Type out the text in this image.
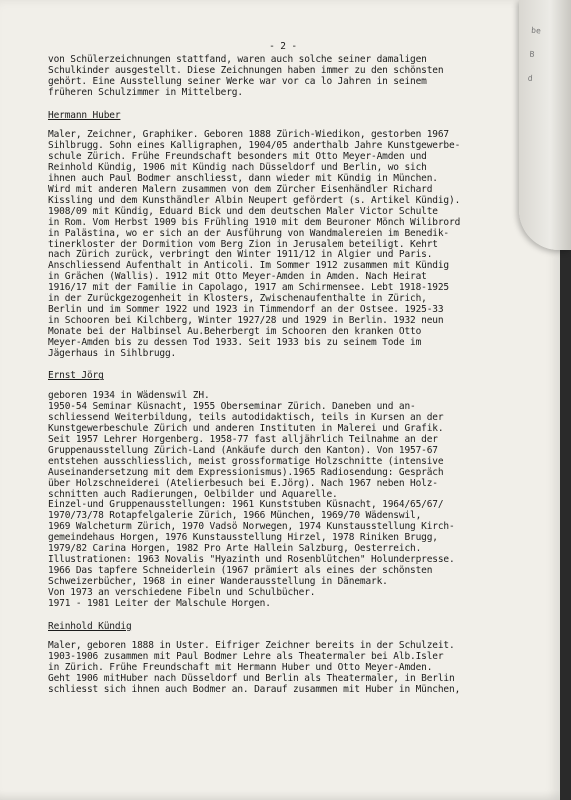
- 2 -
von Schülerzeichnungen stattfand, waren auch solche seiner damaligen
Schulkinder ausgestellt. Diese Zeichnungen haben immer zu den schönsten
gehört. Eine Ausstellung seiner Werke war vor ca lo Jahren in seinem
früheren Schulzimmer in Mittelberg.
Hermann Huber
Maler, Zeichner, Graphiker. Geboren 1888 Zürich-Wiedikon, gestorben 1967
Sihlbrugg. Sohn eines Kalligraphen, 1904/05 anderthalb Jahre Kunstgewerbe-
schule Zürich. Frühe Freundschaft besonders mit Otto Meyer-Amden und
Reinhold Kündig, 1906 mit Kündig nach Düsseldorf und Berlin, wo sich
ihnen auch Paul Bodmer anschliesst, dann wieder mit Kündig in München.
Wird mit anderen Malern zusammen von dem Zürcher Eisenhändler Richard
Kissling und dem Kunsthändler Albin Neupert gefördert (s. Artikel Kündig).
1908/09 mit Kündig, Eduard Bick und dem deutschen Maler Victor Schulte
in Rom. Vom Herbst 1909 bis Frühling 1910 mit dem Beuroner Mönch Wilibrord
in Palästina, wo er sich an der Ausführung von Wandmalereien im Benedik-
tinerkloster der Dormition vom Berg Zion in Jerusalem beteiligt. Kehrt
nach Zürich zurück, verbringt den Winter 1911/12 in Algier und Paris.
Anschliessend Aufenthalt in Anticoli. Im Sommer 1912 zusammen mit Kündig
in Grächen (Wallis). 1912 mit Otto Meyer-Amden in Amden. Nach Heirat
1916/17 mit der Familie in Capolago, 1917 am Schirmensee. Lebt 1918-1925
in der Zurückgezogenheit in Klosters, Zwischenaufenthalte in Zürich,
Berlin und im Sommer 1922 und 1923 in Timmendorf an der Ostsee. 1925-33
in Schooren bei Kilchberg, Winter 1927/28 und 1929 in Berlin. 1932 neun
Monate bei der Halbinsel Au.Beherbergt im Schooren den kranken Otto
Meyer-Amden bis zu dessen Tod 1933. Seit 1933 bis zu seinem Tode im
Jägerhaus in Sihlbrugg.
Ernst Jörg
geboren 1934 in Wädenswil ZH.
1950-54 Seminar Küsnacht, 1955 Oberseminar Zürich. Daneben und an-
schliessend Weiterbildung, teils autodidaktisch, teils in Kursen an der
Kunstgewerbeschule Zürich und anderen Instituten in Malerei und Grafik.
Seit 1957 Lehrer Horgenberg. 1958-77 fast alljährlich Teilnahme an der
Gruppenausstellung Zürich-Land (Ankäufe durch den Kanton). Von 1957-67
entstehen ausschliesslich, meist grossformatige Holzschnitte (intensive
Auseinandersetzung mit dem Expressionismus).1965 Radiosendung: Gespräch
über Holzschneiderei (Atelierbesuch bei E.Jörg). Nach 1967 neben Holz-
schnitten auch Radierungen, Oelbilder und Aquarelle.
Einzel-und Gruppenausstellungen: 1961 Kunststuben Küsnacht, 1964/65/67/
1970/73/78 Rotapfelgalerie Zürich, 1966 München, 1969/70 Wädenswil,
1969 Walcheturm Zürich, 1970 Vadsö Norwegen, 1974 Kunstausstellung Kirch-
gemeindehaus Horgen, 1976 Kunstausstellung Hirzel, 1978 Riniken Brugg,
1979/82 Carina Horgen, 1982 Pro Arte Hallein Salzburg, Oesterreich.
Illustrationen: 1963 Novalis "Hyazinth und Rosenblütchen" Holunderpresse.
1966 Das tapfere Schneiderlein (1967 prämiert als eines der schönsten
Schweizerbücher, 1968 in einer Wanderausstellung in Dänemark.
Von 1973 an verschiedene Fibeln und Schulbücher.
1971 - 1981 Leiter der Malschule Horgen.
Reinhold Kündig
Maler, geboren 1888 in Uster. Eifriger Zeichner bereits in der Schulzeit.
1903-1906 zusammen mit Paul Bodmer Lehre als Theatermaler bei Alb.Isler
in Zürich. Frühe Freundschaft mit Hermann Huber und Otto Meyer-Amden.
Geht 1906 mitHuber nach Düsseldorf und Berlin als Theatermaler, in Berlin
schliesst sich ihnen auch Bodmer an. Darauf zusammen mit Huber in München,
be
B
d
